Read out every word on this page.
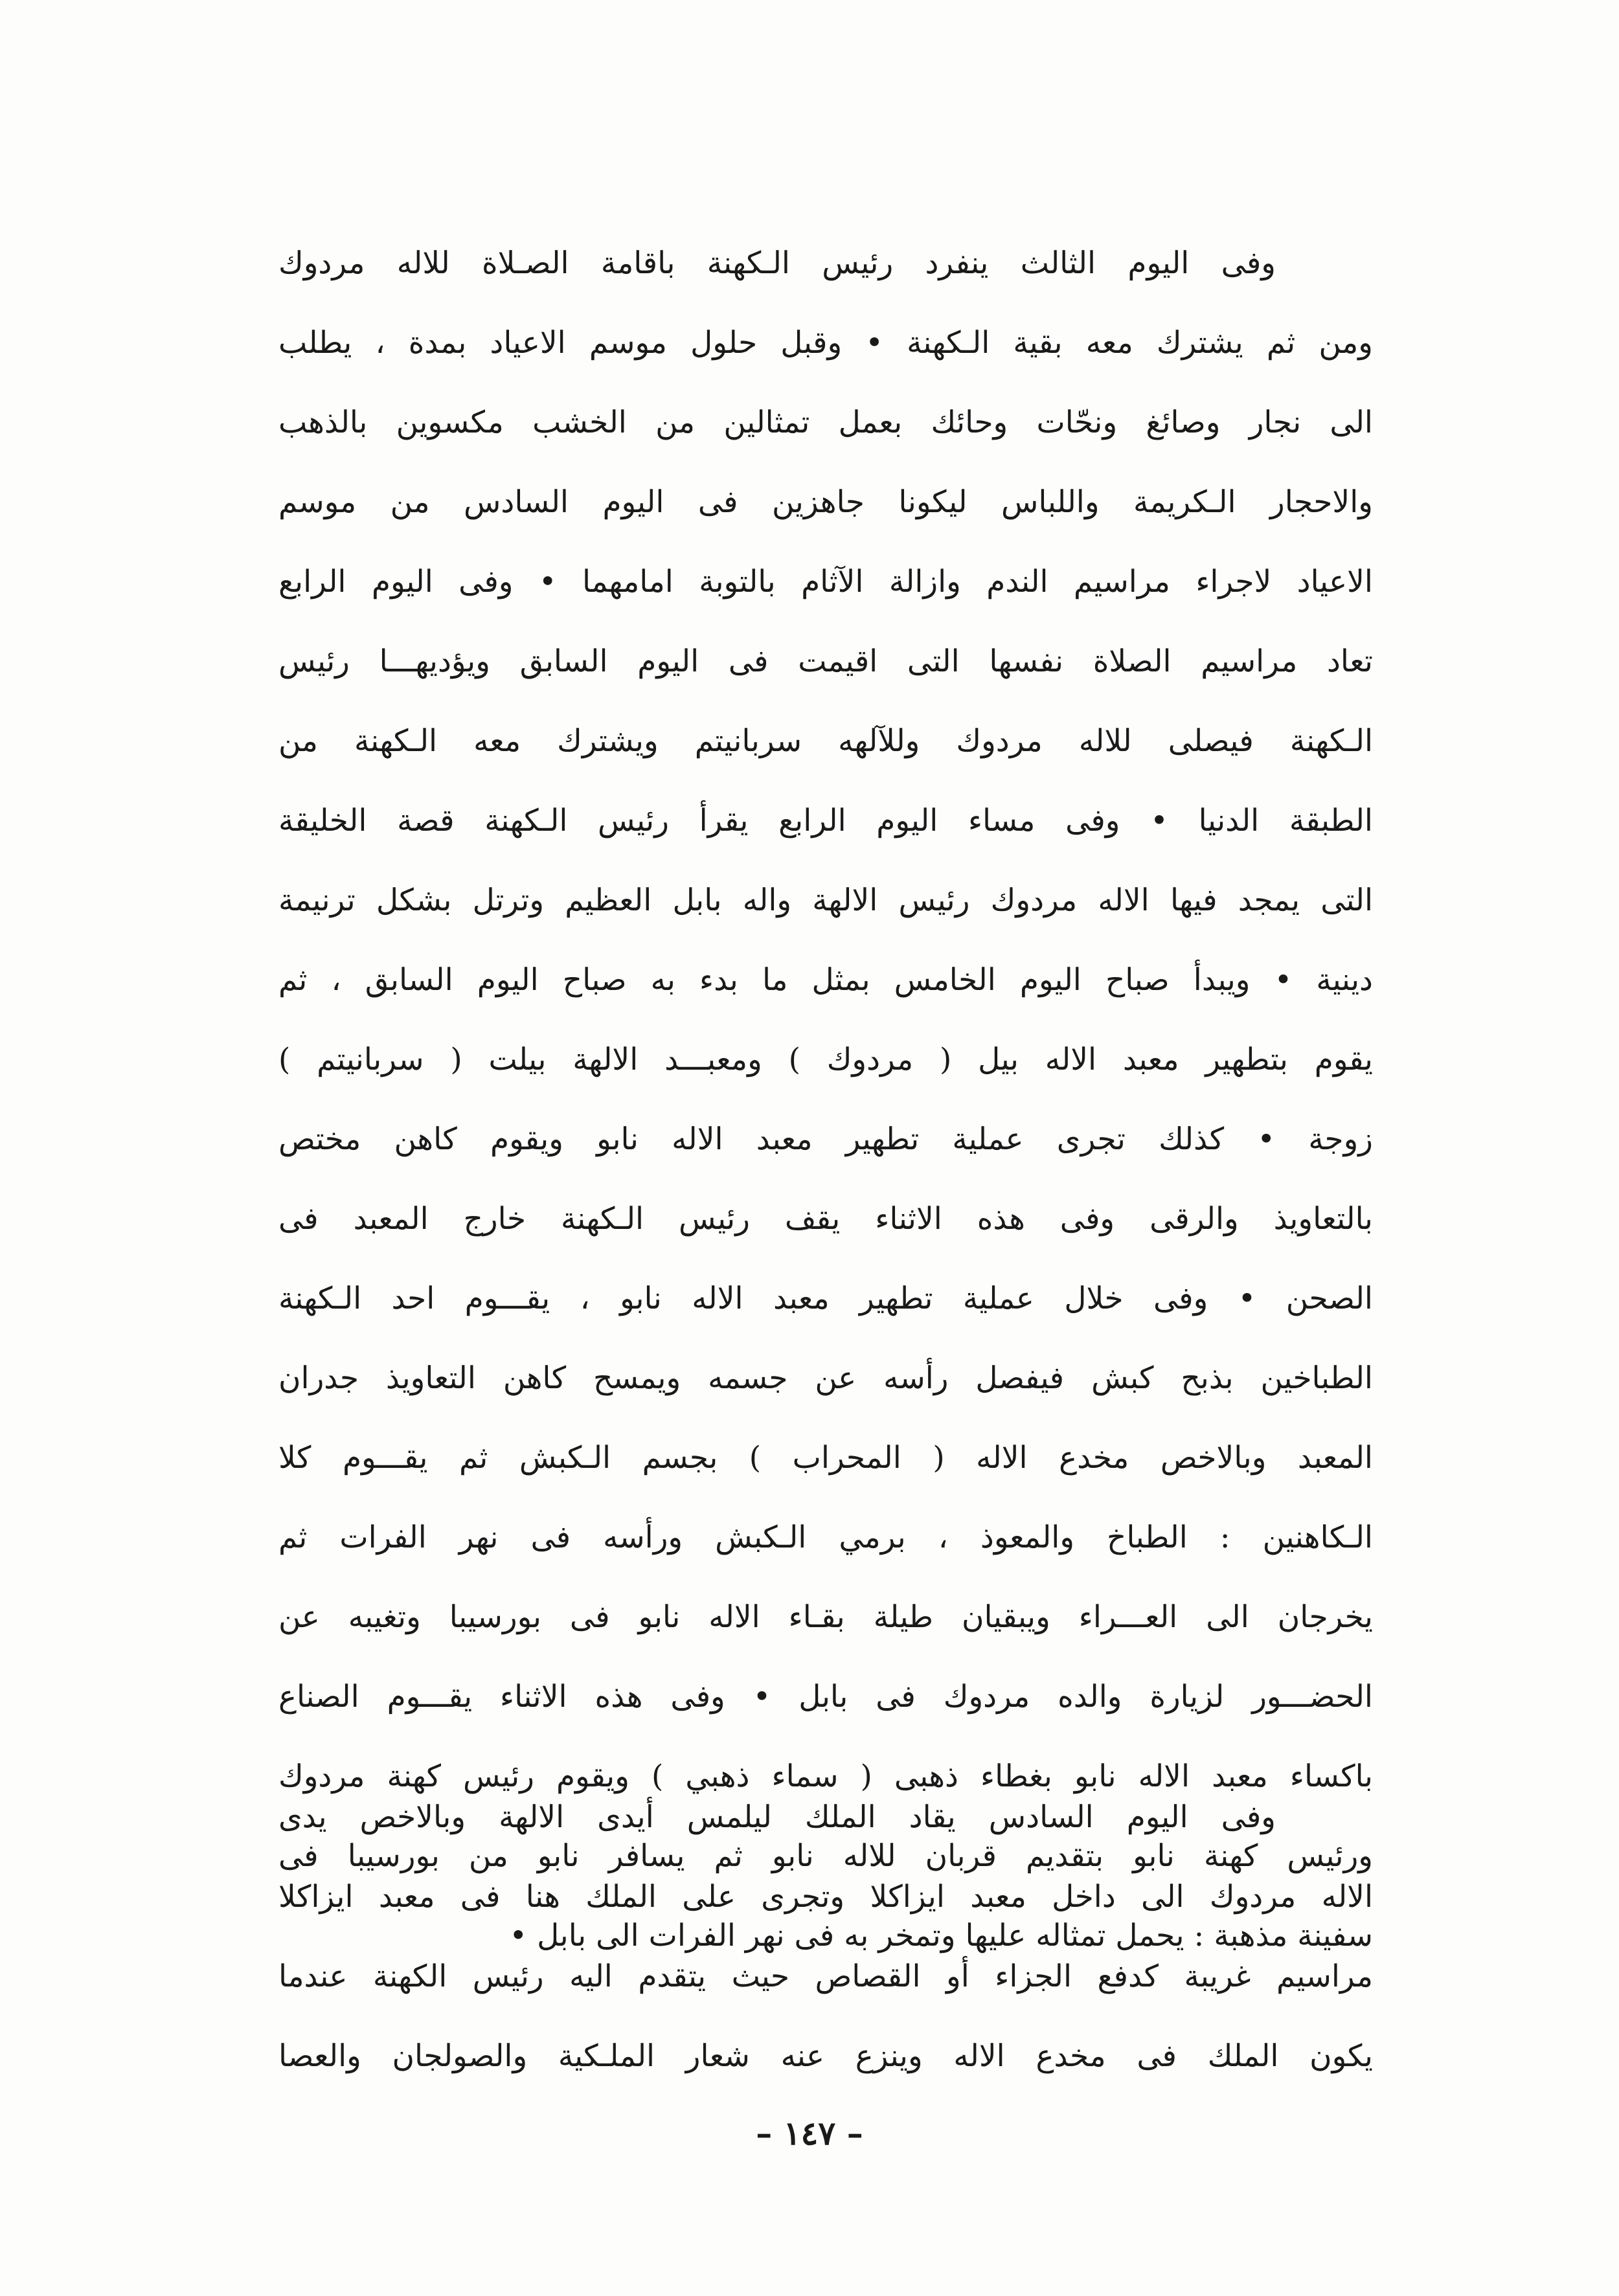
وفى اليوم الثالث ينفرد رئيس الـكهنة باقامة الصـلاة للاله مردوك
ومن ثم يشترك معه بقية الـكهنة • وقبل حلول موسم الاعياد بمدة ، يطلب
الى نجار وصائغ ونحّات وحائك بعمل تمثالين من الخشب مكسوين بالذهب
والاحجار الـكريمة واللباس ليكونا جاهزين فى اليوم السادس من موسم
الاعياد لاجراء مراسيم الندم وازالة الآثام بالتوبة امامهما • وفى اليوم الرابع
تعاد مراسيم الصلاة نفسها التى اقيمت فى اليوم السابق ويؤديهـــا رئيس
الـكهنة فيصلى للاله مردوك وللآلهه سربانيتم ويشترك معه الـكهنة من
الطبقة الدنيا • وفى مساء اليوم الرابع يقرأ رئيس الـكهنة قصة الخليقة
التى يمجد فيها الاله مردوك رئيس الالهة واله بابل العظيم وترتل بشكل ترنيمة
دينية • ويبدأ صباح اليوم الخامس بمثل ما بدء به صباح اليوم السابق ، ثم
يقوم بتطهير معبد الاله بيل ( مردوك ) ومعبـــد الالهة بيلت ( سربانيتم )
زوجة • كذلك تجرى عملية تطهير معبد الاله نابو ويقوم كاهن مختص
بالتعاويذ والرقى وفى هذه الاثناء يقف رئيس الـكهنة خارج المعبد فى
الصحن • وفى خلال عملية تطهير معبد الاله نابو ، يقـــوم احد الـكهنة
الطباخين بذبح كبش فيفصل رأسه عن جسمه ويمسح كاهن التعاويذ جدران
المعبد وبالاخص مخدع الاله ( المحراب ) بجسم الـكبش ثم يقـــوم كلا
الـكاهنين : الطباخ والمعوذ ، برمي الـكبش ورأسه فى نهر الفرات ثم
يخرجان الى العـــراء ويبقيان طيلة بقـاء الاله نابو فى بورسيبا وتغيبه عن
الحضـــور لزيارة والده مردوك فى بابل • وفى هذه الاثناء يقـــوم الصناع
باكساء معبد الاله نابو بغطاء ذهبى ( سماء ذهبي ) ويقوم رئيس كهنة مردوك
ورئيس كهنة نابو بتقديم قربان للاله نابو ثم يسافر نابو من بورسيبا فى
سفينة مذهبة : يحمل تمثاله عليها وتمخر به فى نهر الفرات الى بابل •
وفى اليوم السادس يقاد الملك ليلمس أيدى الالهة وبالاخص يدى
الاله مردوك الى داخل معبد ايزاكلا وتجرى على الملك هنا فى معبد ايزاكلا
مراسيم غريبة كدفع الجزاء أو القصاص حيث يتقدم اليه رئيس الكهنة عندما
يكون الملك فى مخدع الاله وينزع عنه شعار الملـكية والصولجان والعصا
– ١٤٧ –
